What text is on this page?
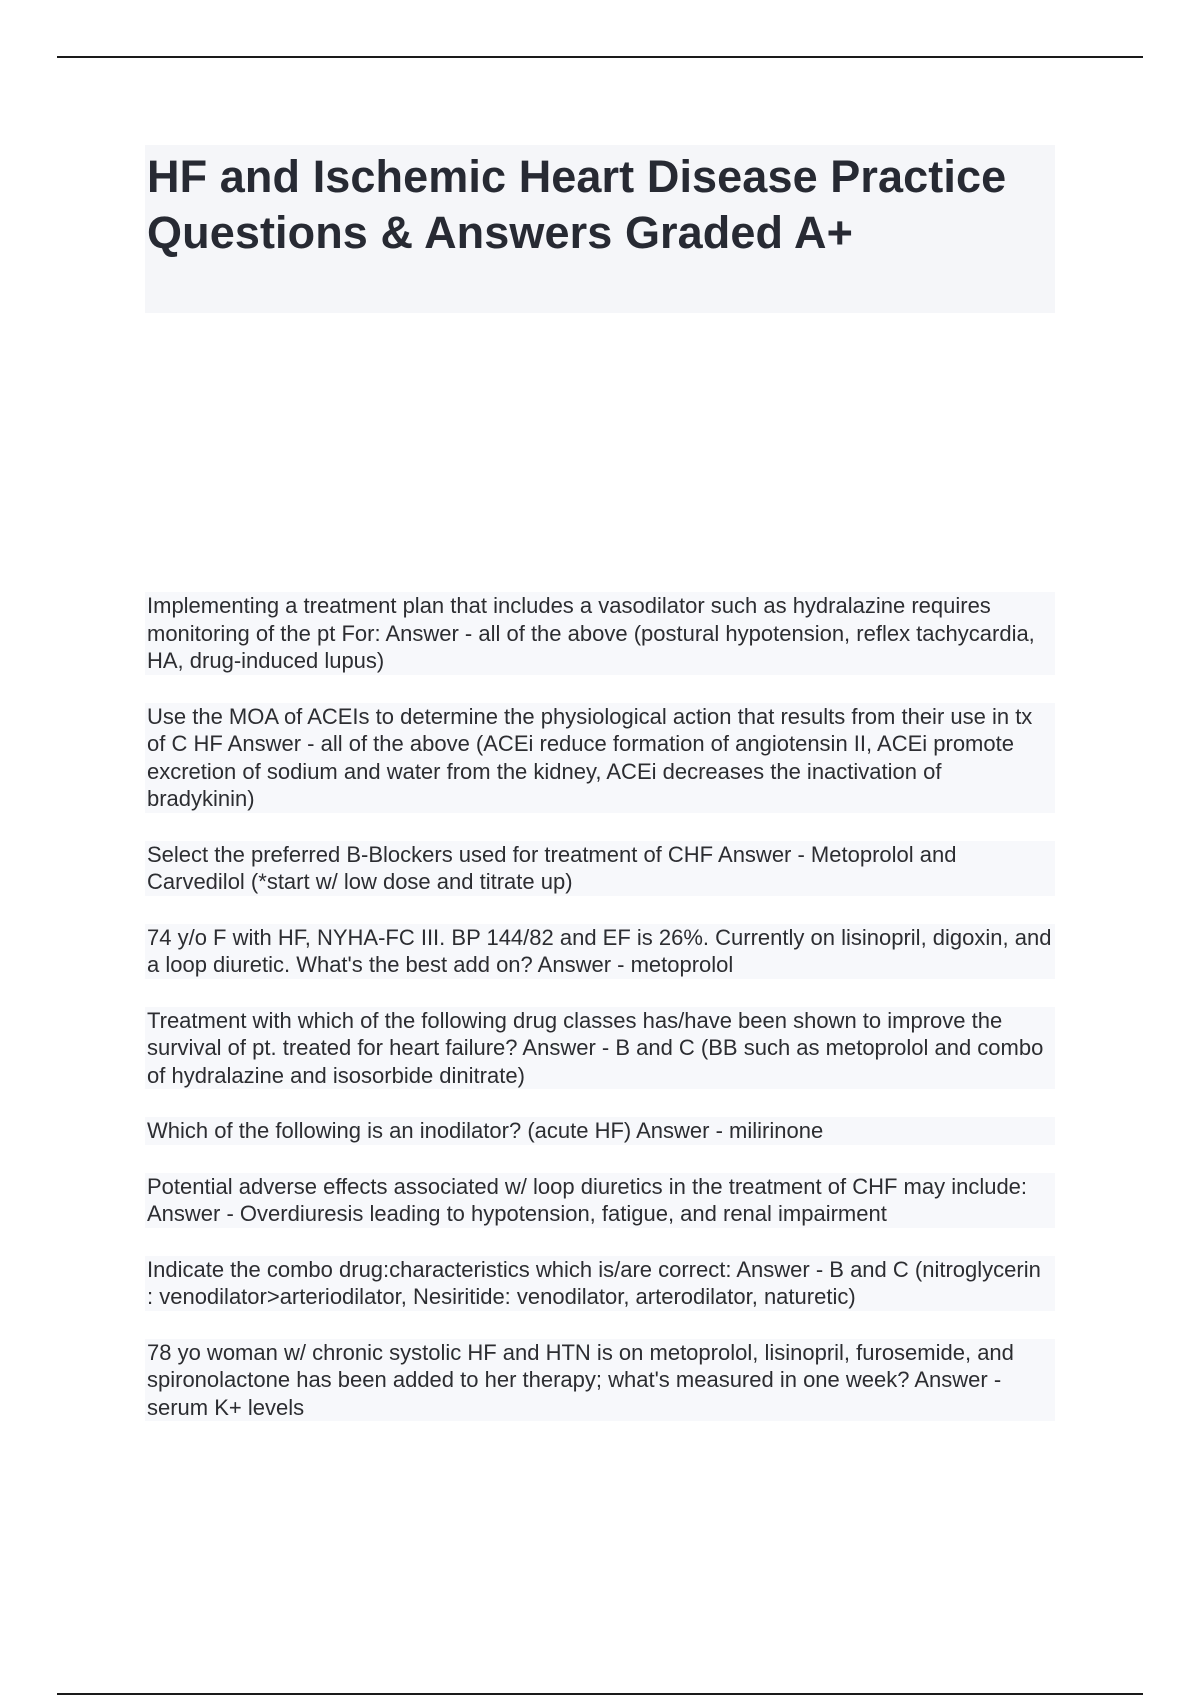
HF and Ischemic Heart Disease Practice Questions & Answers Graded A+

Implementing a treatment plan that includes a vasodilator such as hydralazine requires monitoring of the pt For: Answer - all of the above (postural hypotension, reflex tachycardia, HA, drug-induced lupus)

Use the MOA of ACEIs to determine the physiological action that results from their use in tx of C HF Answer - all of the above (ACEi reduce formation of angiotensin II, ACEi promote excretion of sodium and water from the kidney, ACEi decreases the inactivation of bradykinin)

Select the preferred B-Blockers used for treatment of CHF Answer - Metoprolol and Carvedilol (*start w/ low dose and titrate up)

74 y/o F with HF, NYHA-FC III. BP 144/82 and EF is 26%. Currently on lisinopril, digoxin, and a loop diuretic. What's the best add on? Answer - metoprolol

Treatment with which of the following drug classes has/have been shown to improve the survival of pt. treated for heart failure? Answer - B and C (BB such as metoprolol and combo of hydralazine and isosorbide dinitrate)

Which of the following is an inodilator? (acute HF) Answer - milirinone

Potential adverse effects associated w/ loop diuretics in the treatment of CHF may include: Answer - Overdiuresis leading to hypotension, fatigue, and renal impairment

Indicate the combo drug:characteristics which is/are correct: Answer - B and C (nitroglycerin : venodilator>arteriodilator, Nesiritide: venodilator, arterodilator, naturetic)

78 yo woman w/ chronic systolic HF and HTN is on metoprolol, lisinopril, furosemide, and spironolactone has been added to her therapy; what's measured in one week? Answer - serum K+ levels
